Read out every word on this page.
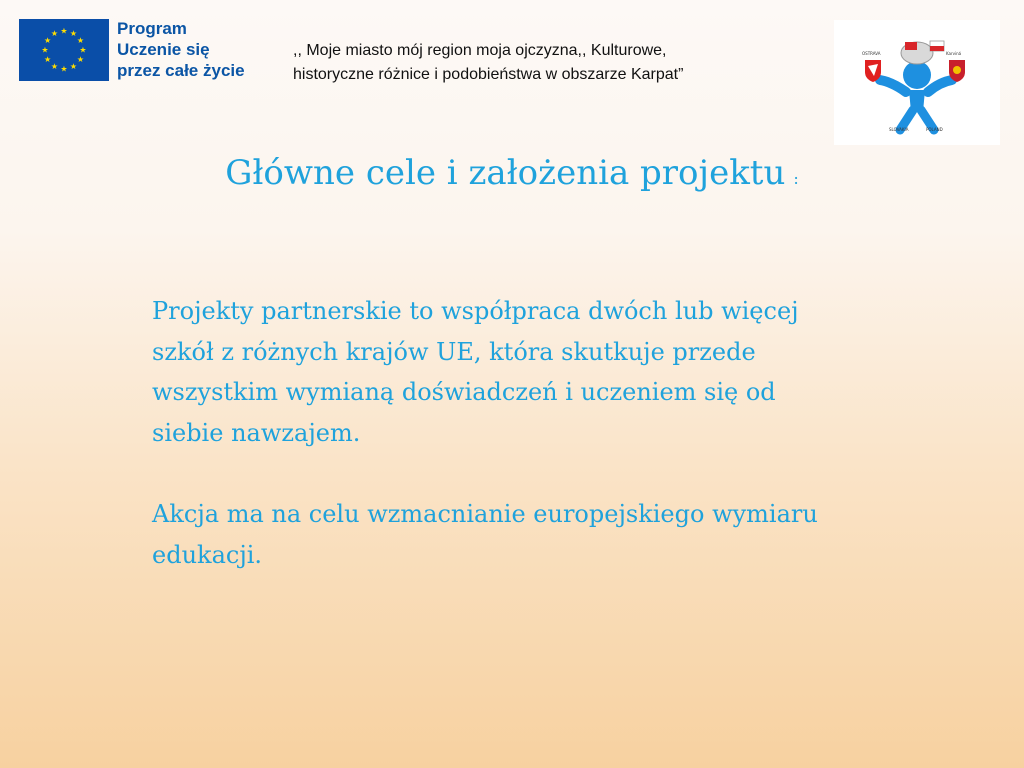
★ ★
★
★
★
★
★
★
★
★
★
★	Program
Uczenie się
przez całe życie
,, Moje miasto mój region moja ojczyzna,, Kulturowe,
historyczne różnice i podobieństwa w obszarze Karpat”
OSTRAVA	Karviná
SLOVAKIA	POLAND
Główne cele i założenia projektu :

Projekty partnerskie to współpraca dwóch lub więcej szkół z różnych krajów UE, która skutkuje przede wszystkim wymianą doświadczeń i uczeniem się od siebie nawzajem.

Akcja ma na celu wzmacnianie europejskiego wymiaru edukacji.
